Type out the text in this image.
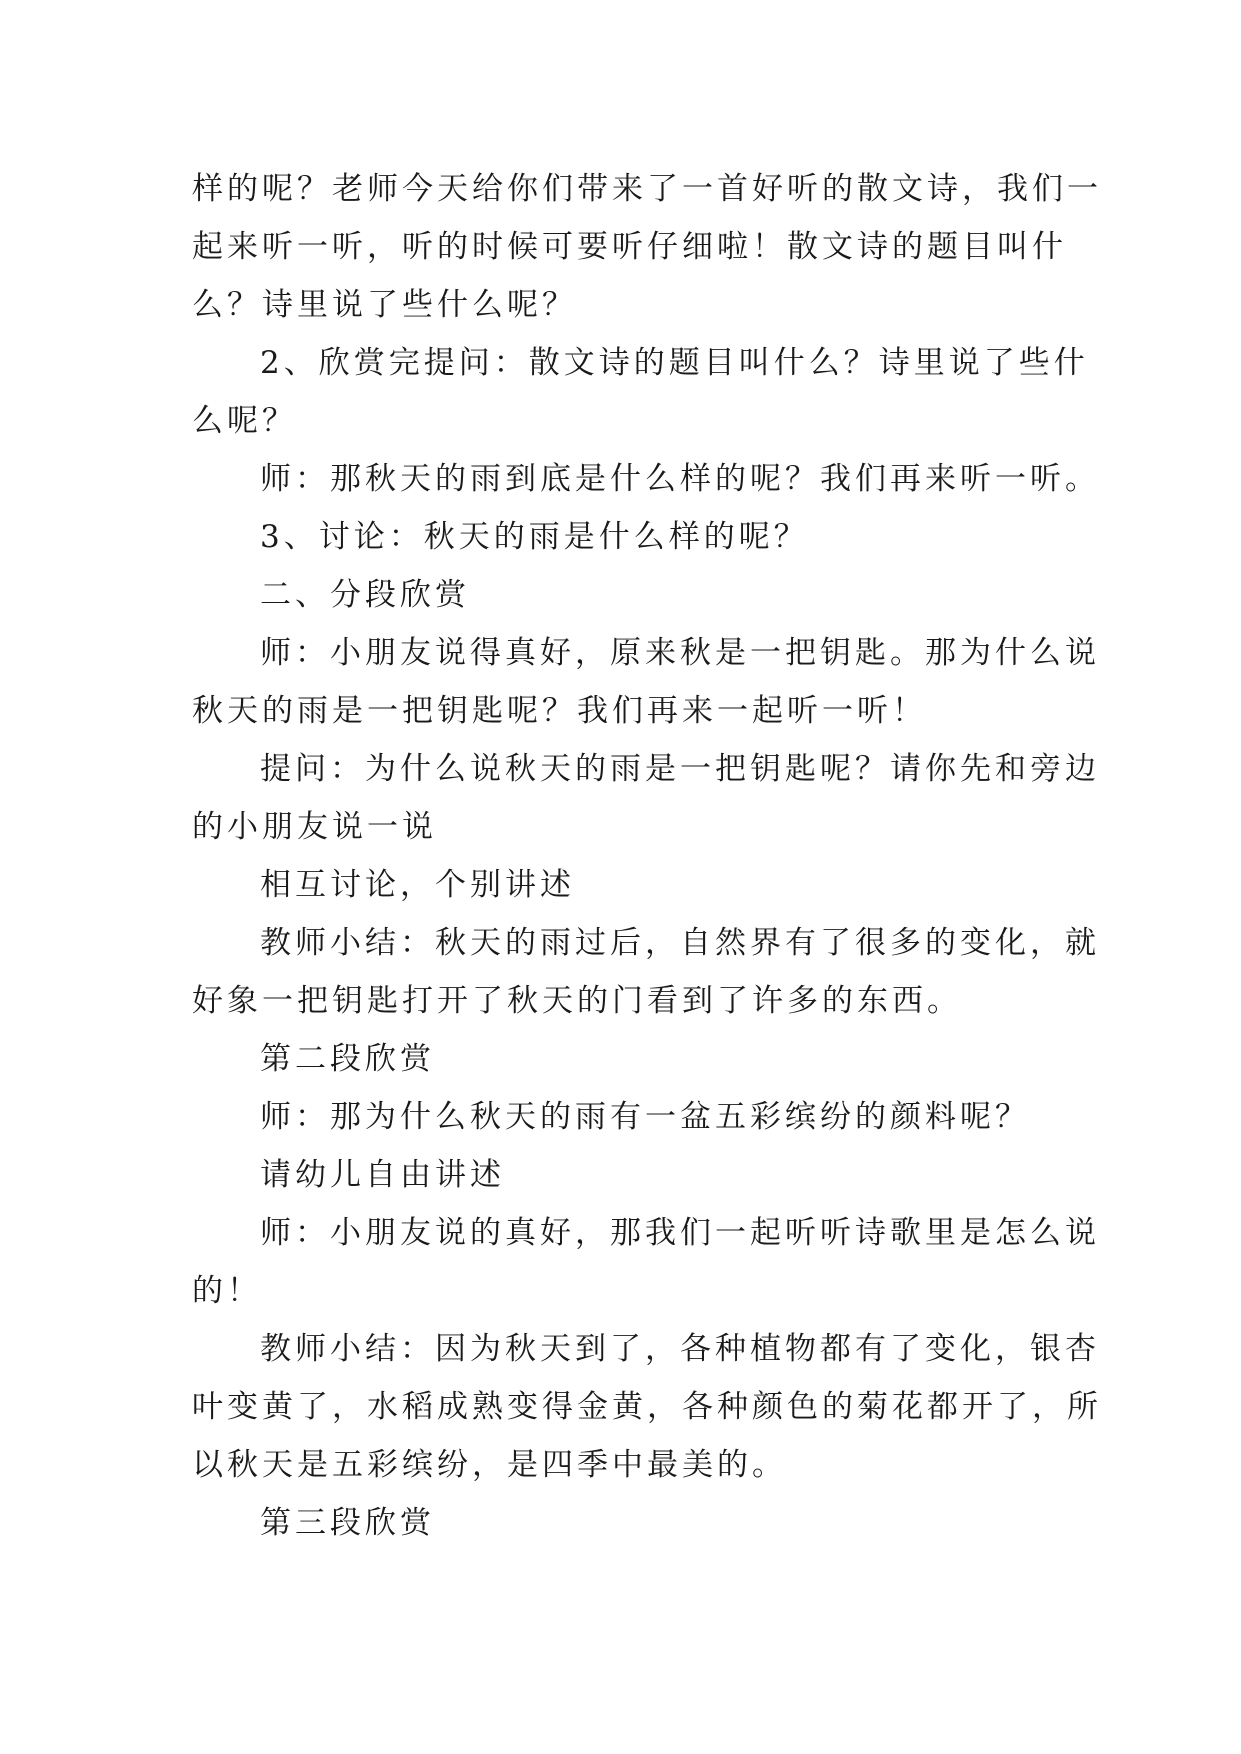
样的呢？老师今天给你们带来了一首好听的散文诗，我们一

起来听一听，听的时候可要听仔细啦！散文诗的题目叫什

么？诗里说了些什么呢？

2、欣赏完提问：散文诗的题目叫什么？诗里说了些什

么呢？

师：那秋天的雨到底是什么样的呢？我们再来听一听。

3、讨论：秋天的雨是什么样的呢？

二、分段欣赏

师：小朋友说得真好，原来秋是一把钥匙。那为什么说

秋天的雨是一把钥匙呢？我们再来一起听一听！

提问：为什么说秋天的雨是一把钥匙呢？请你先和旁边

的小朋友说一说

相互讨论，个别讲述

教师小结：秋天的雨过后，自然界有了很多的变化，就

好象一把钥匙打开了秋天的门看到了许多的东西。

第二段欣赏

师：那为什么秋天的雨有一盆五彩缤纷的颜料呢？

请幼儿自由讲述

师：小朋友说的真好，那我们一起听听诗歌里是怎么说

的！

教师小结：因为秋天到了，各种植物都有了变化，银杏

叶变黄了，水稻成熟变得金黄，各种颜色的菊花都开了，所

以秋天是五彩缤纷，是四季中最美的。

第三段欣赏
